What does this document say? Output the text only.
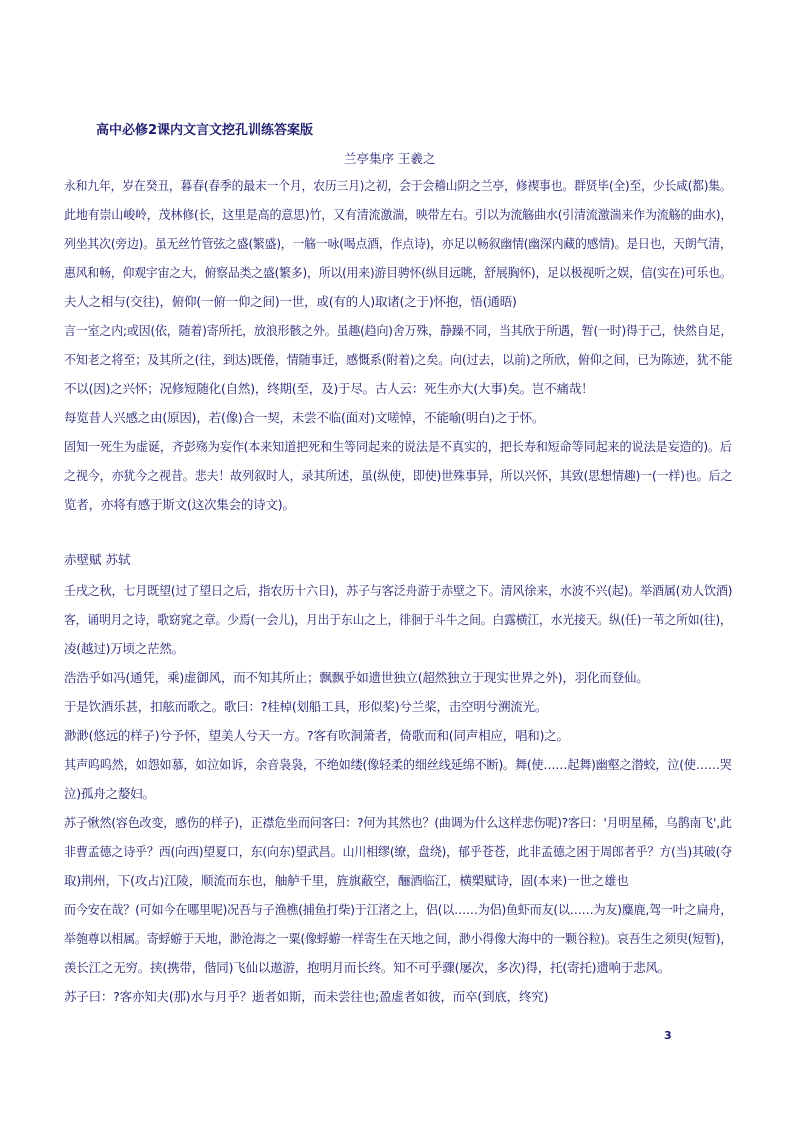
高中必修2课内文言文挖孔训练答案版
兰亭集序 王羲之
永和九年，岁在癸丑，暮春(春季的最末一个月，农历三月)之初，会于会稽山阴之兰亭，修禊事也。群贤毕(全)至，少长咸(都)集。
此地有崇山峻岭，茂林修(长，这里是高的意思)竹，又有清流激湍，映带左右。引以为流觞曲水(引清流激湍来作为流觞的曲水)，
列坐其次(旁边)。虽无丝竹管弦之盛(繁盛)，一觞一咏(喝点酒，作点诗)，亦足以畅叙幽情(幽深内藏的感情)。是日也，天朗气清，
惠风和畅，仰观宇宙之大，俯察品类之盛(繁多)，所以(用来)游目骋怀(纵目远眺，舒展胸怀)，足以极视听之娱，信(实在)可乐也。
夫人之相与(交往)，俯仰(一俯一仰之间)一世，或(有的人)取诸(之于)怀抱，悟(通晤)
言一室之内;或因(依，随着)寄所托，放浪形骸之外。虽趣(趋向)舍万殊，静躁不同，当其欣于所遇，暂(一时)得于己，快然自足，
不知老之将至；及其所之(往，到达)既倦，情随事迁，感慨系(附着)之矣。向(过去，以前)之所欣，俯仰之间，已为陈迹，犹不能
不以(因)之兴怀；况修短随化(自然)，终期(至，及)于尽。古人云：死生亦大(大事)矣。岂不痛哉！
每览昔人兴感之由(原因)，若(像)合一契，未尝不临(面对)文嗟悼，不能喻(明白)之于怀。
固知一死生为虚诞，齐彭殇为妄作(本来知道把死和生等同起来的说法是不真实的，把长寿和短命等同起来的说法是妄造的)。后
之视今，亦犹今之视昔。悲夫！故列叙时人，录其所述，虽(纵使，即使)世殊事异，所以兴怀，其致(思想情趣)一(一样)也。后之
览者，亦将有感于斯文(这次集会的诗文)。
赤壁赋 苏轼
壬戌之秋，七月既望(过了望日之后，指农历十六日)，苏子与客泛舟游于赤壁之下。清风徐来，水波不兴(起)。举酒属(劝人饮酒)
客，诵明月之诗，歌窈窕之章。少焉(一会儿)，月出于东山之上，徘徊于斗牛之间。白露横江，水光接天。纵(任)一苇之所如(往)，
凌(越过)万顷之茫然。
浩浩乎如冯(通凭，乘)虚御风，而不知其所止；飘飘乎如遗世独立(超然独立于现实世界之外)，羽化而登仙。
于是饮酒乐甚，扣舷而歌之。歌曰：?桂棹(划船工具，形似桨)兮兰桨，击空明兮溯流光。
渺渺(悠远的样子)兮予怀，望美人兮天一方。?客有吹洞箫者，倚歌而和(同声相应，唱和)之。
其声呜呜然，如怨如慕，如泣如诉，余音袅袅，不绝如缕(像轻柔的细丝线延绵不断)。舞(使……起舞)幽壑之潜蛟，泣(使……哭
泣)孤舟之嫠妇。
苏子愀然(容色改变，感伤的样子)，正襟危坐而问客曰：?何为其然也？(曲调为什么这样悲伤呢)?客曰：'月明星稀，乌鹊南飞',此
非曹孟德之诗乎？西(向西)望夏口，东(向东)望武昌。山川相缪(缭，盘绕)，郁乎苍苍，此非孟德之困于周郎者乎？方(当)其破(夺
取)荆州，下(攻占)江陵，顺流而东也，舳舻千里，旌旗蔽空，酾酒临江，横槊赋诗，固(本来)一世之雄也
而今安在哉？(可如今在哪里呢)况吾与子渔樵(捕鱼打柴)于江渚之上，侣(以……为侣)鱼虾而友(以……为友)麋鹿,驾一叶之扁舟，
举匏尊以相属。寄蜉蝣于天地，渺沧海之一粟(像蜉蝣一样寄生在天地之间，渺小得像大海中的一颗谷粒)。哀吾生之须臾(短暂)，
羡长江之无穷。挟(携带，偕同)飞仙以遨游，抱明月而长终。知不可乎骤(屡次，多次)得，托(寄托)遗响于悲风。
苏子曰：?客亦知夫(那)水与月乎？逝者如斯，而未尝往也;盈虚者如彼，而卒(到底，终究)
3
